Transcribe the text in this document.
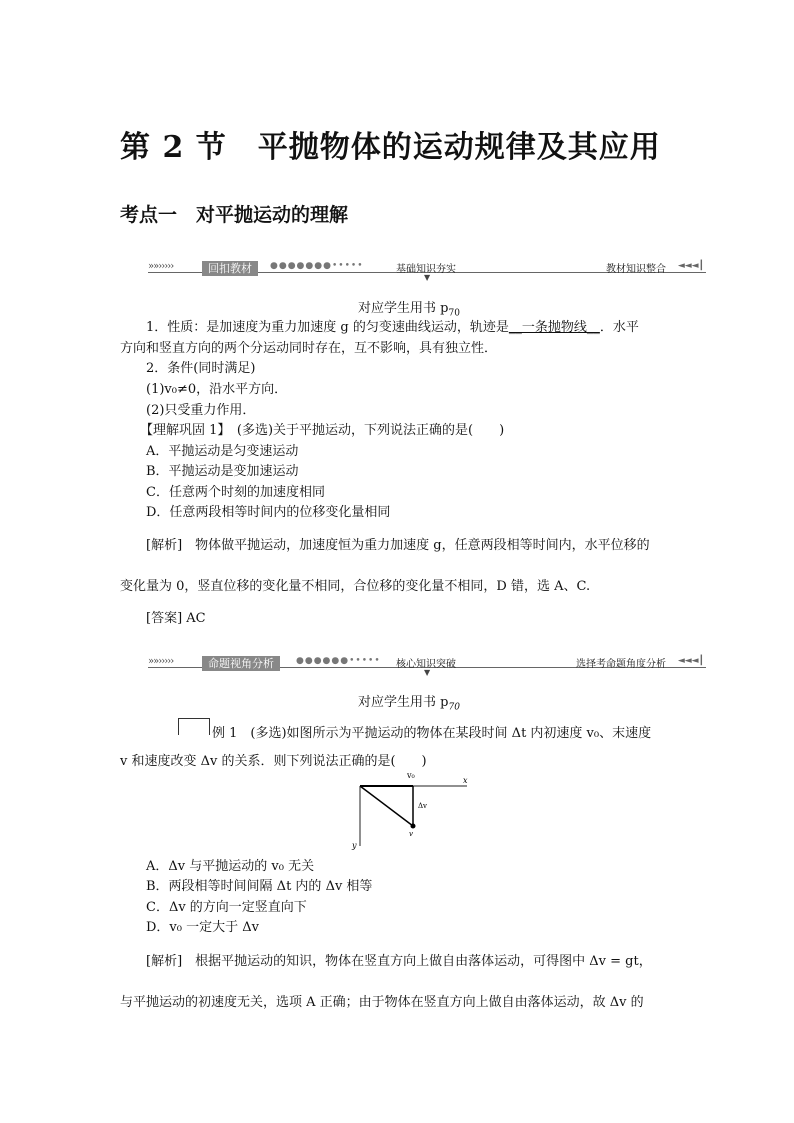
第 2 节　平抛物体的运动规律及其应用
考点一　对平抛运动的理解
»»›››››	回扣教材	●●●●●●●•••••	基础知识夯实
▼
教材知识整合 ◄◄◄┃
对应学生用书 $p_{70}$
1．性质：是加速度为重力加速度 g 的匀变速曲线运动，轨迹是__一条抛物线__．水平
方向和竖直方向的两个分运动同时存在，互不影响，具有独立性．
2．条件(同时满足)
(1)v₀≠0，沿水平方向．
(2)只受重力作用．
【理解巩固 1】　(多选)关于平抛运动，下列说法正确的是(　　)
A．平抛运动是匀变速运动
B．平抛运动是变加速运动
C．任意两个时刻的加速度相同
D．任意两段相等时间内的位移变化量相同
[解析]　物体做平抛运动，加速度恒为重力加速度 g，任意两段相等时间内，水平位移的
变化量为 0，竖直位移的变化量不相同，合位移的变化量不相同，D 错，选 A、C.
[答案] AC
»»›››››	命题视角分析	●●●●●●••••• 核心知识突破
▼
选择考命题角度分析 ◄◄◄┃
对应学生用书 $p_{70}$
例 1　(多选)如图所示为平抛运动的物体在某段时间 Δt 内初速度 v₀、末速度
v 和速度改变 Δv 的关系．则下列说法正确的是(　　)
v₀
x
y
Δv
v
A．Δv 与平抛运动的 v₀ 无关
B．两段相等时间间隔 Δt 内的 Δv 相等
C．Δv 的方向一定竖直向下
D．v₀ 一定大于 Δv
[解析]　根据平抛运动的知识，物体在竖直方向上做自由落体运动，可得图中 Δv = gt，
与平抛运动的初速度无关，选项 A 正确；由于物体在竖直方向上做自由落体运动，故 Δv 的
